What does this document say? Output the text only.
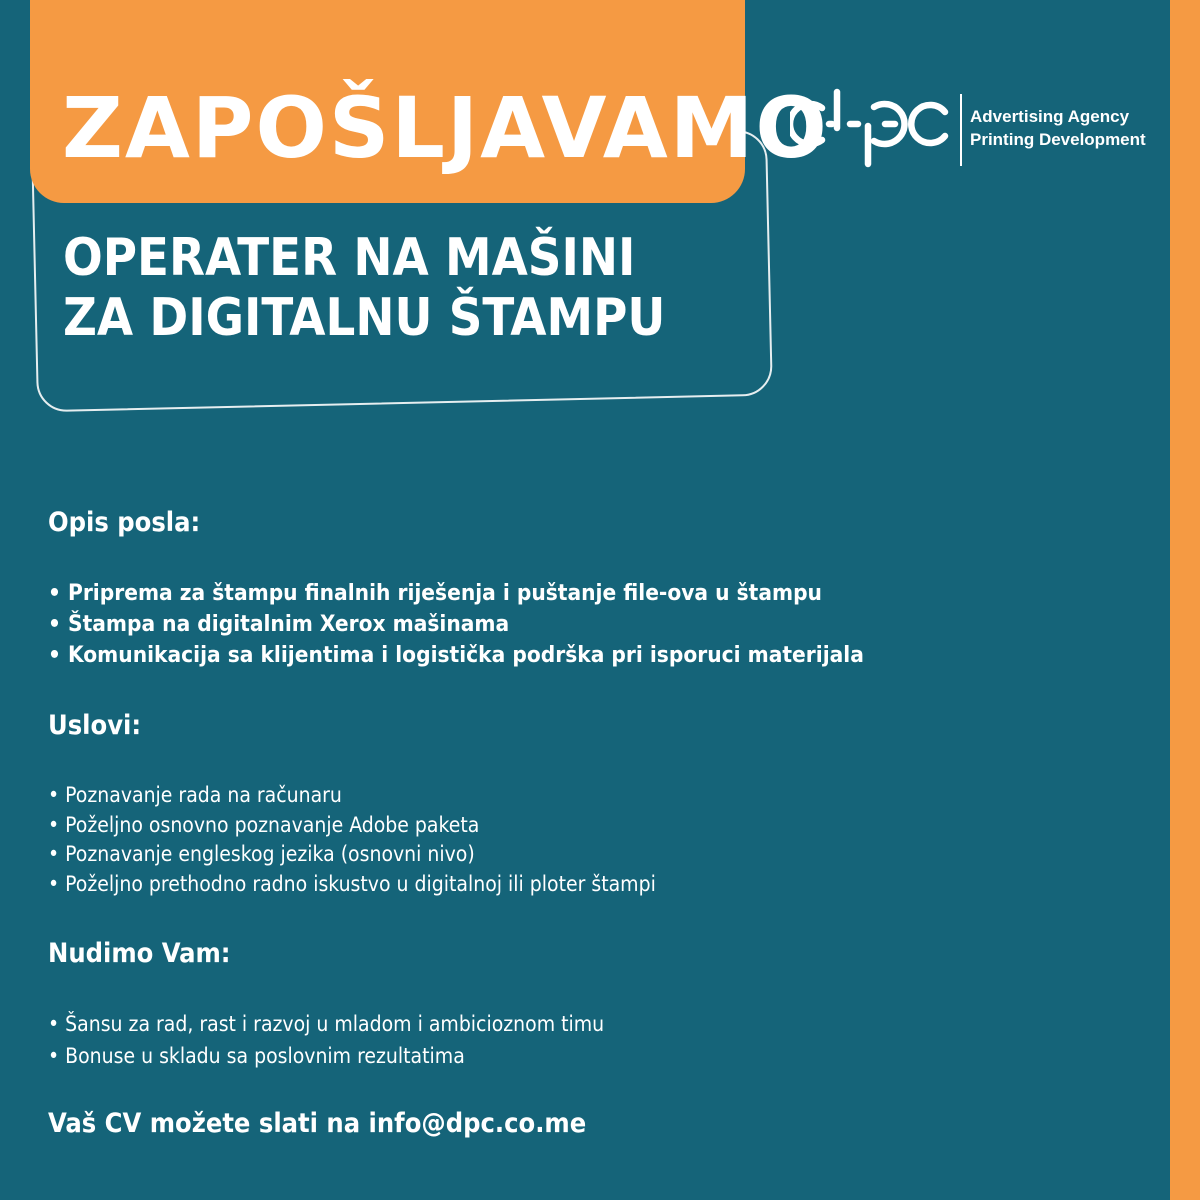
ZAPOŠLJAVAMO
OPERATER NA MAŠINI
ZA DIGITALNU ŠTAMPU
Advertising Agency
Printing Development
Opis posla:
• Priprema za štampu finalnih riješenja i puštanje file-ova u štampu
• Štampa na digitalnim Xerox mašinama
• Komunikacija sa klijentima i logistička podrška pri isporuci materijala
Uslovi:
• Poznavanje rada na računaru
• Poželjno osnovno poznavanje Adobe paketa
• Poznavanje engleskog jezika (osnovni nivo)
• Poželjno prethodno radno iskustvo u digitalnoj ili ploter štampi
Nudimo Vam:
• Šansu za rad, rast i razvoj u mladom i ambicioznom timu
• Bonuse u skladu sa poslovnim rezultatima

Vaš CV možete slati na info@dpc.co.me
